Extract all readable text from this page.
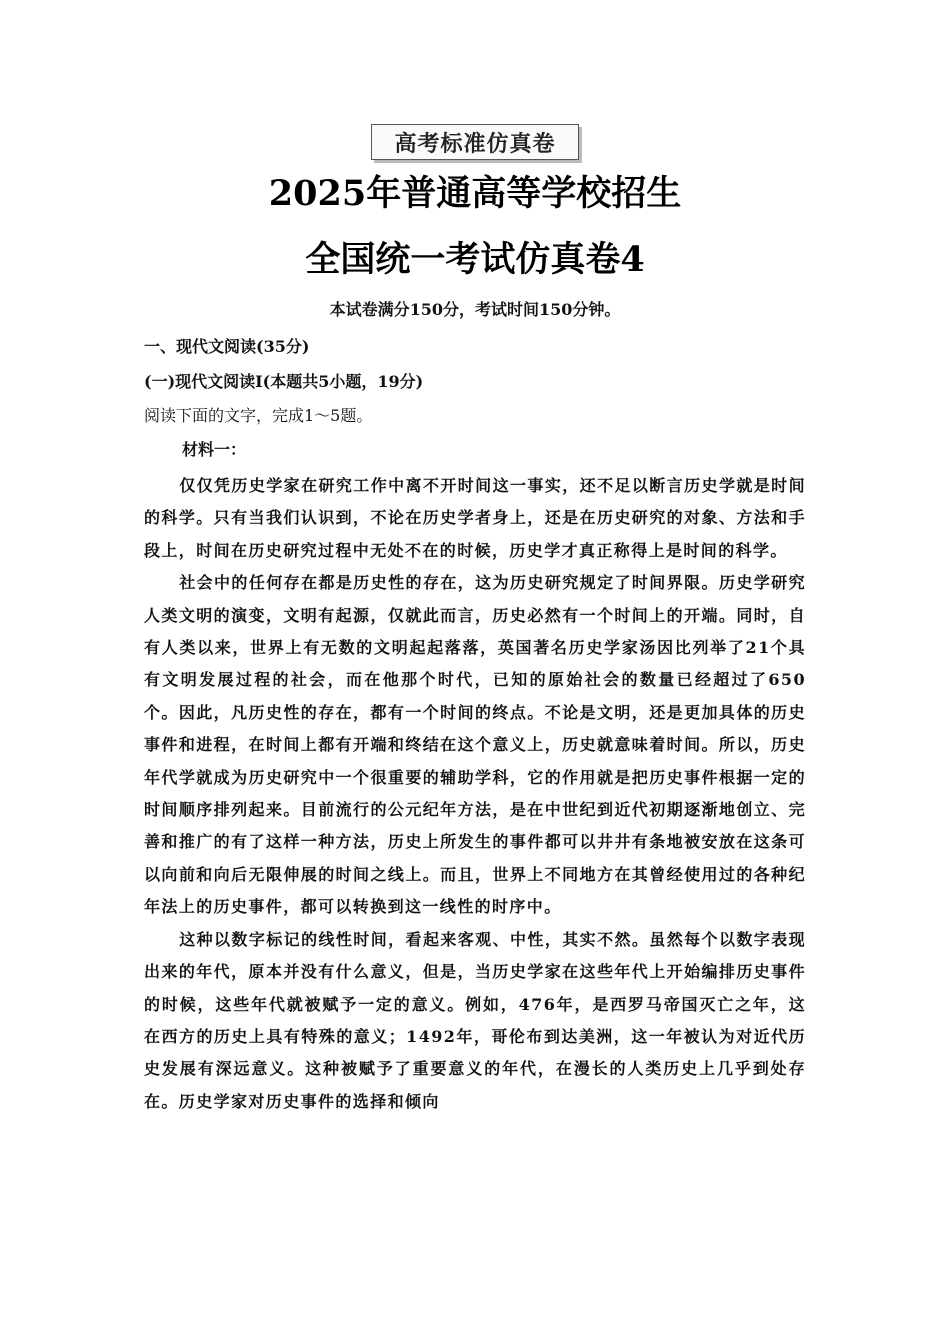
高考标准仿真卷
2025年普通高等学校招生
全国统一考试仿真卷4
本试卷满分150分，考试时间150分钟。
一、现代文阅读(35分)
(一)现代文阅读Ⅰ(本题共5小题，19分)
阅读下面的文字，完成1～5题。
材料一：

仅仅凭历史学家在研究工作中离不开时间这一事实，还不足以断言历史学就是时间的科学。只有当我们认识到，不论在历史学者身上，还是在历史研究的对象、方法和手段上，时间在历史研究过程中无处不在的时候，历史学才真正称得上是时间的科学。

社会中的任何存在都是历史性的存在，这为历史研究规定了时间界限。历史学研究人类文明的演变，文明有起源，仅就此而言，历史必然有一个时间上的开端。同时，自有人类以来，世界上有无数的文明起起落落，英国著名历史学家汤因比列举了21个具有文明发展过程的社会，而在他那个时代，已知的原始社会的数量已经超过了650个。因此，凡历史性的存在，都有一个时间的终点。不论是文明，还是更加具体的历史事件和进程，在时间上都有开端和终结在这个意义上，历史就意味着时间。所以，历史年代学就成为历史研究中一个很重要的辅助学科，它的作用就是把历史事件根据一定的时间顺序排列起来。目前流行的公元纪年方法，是在中世纪到近代初期逐渐地创立、完善和推广的有了这样一种方法，历史上所发生的事件都可以井井有条地被安放在这条可以向前和向后无限伸展的时间之线上。而且，世界上不同地方在其曾经使用过的各种纪年法上的历史事件，都可以转换到这一线性的时序中。

这种以数字标记的线性时间，看起来客观、中性，其实不然。虽然每个以数字表现出来的年代，原本并没有什么意义，但是，当历史学家在这些年代上开始编排历史事件的时候，这些年代就被赋予一定的意义。例如，476年，是西罗马帝国灭亡之年，这在西方的历史上具有特殊的意义；1492年，哥伦布到达美洲，这一年被认为对近代历史发展有深远意义。这种被赋予了重要意义的年代，在漫长的人类历史上几乎到处存在。历史学家对历史事件的选择和倾向
